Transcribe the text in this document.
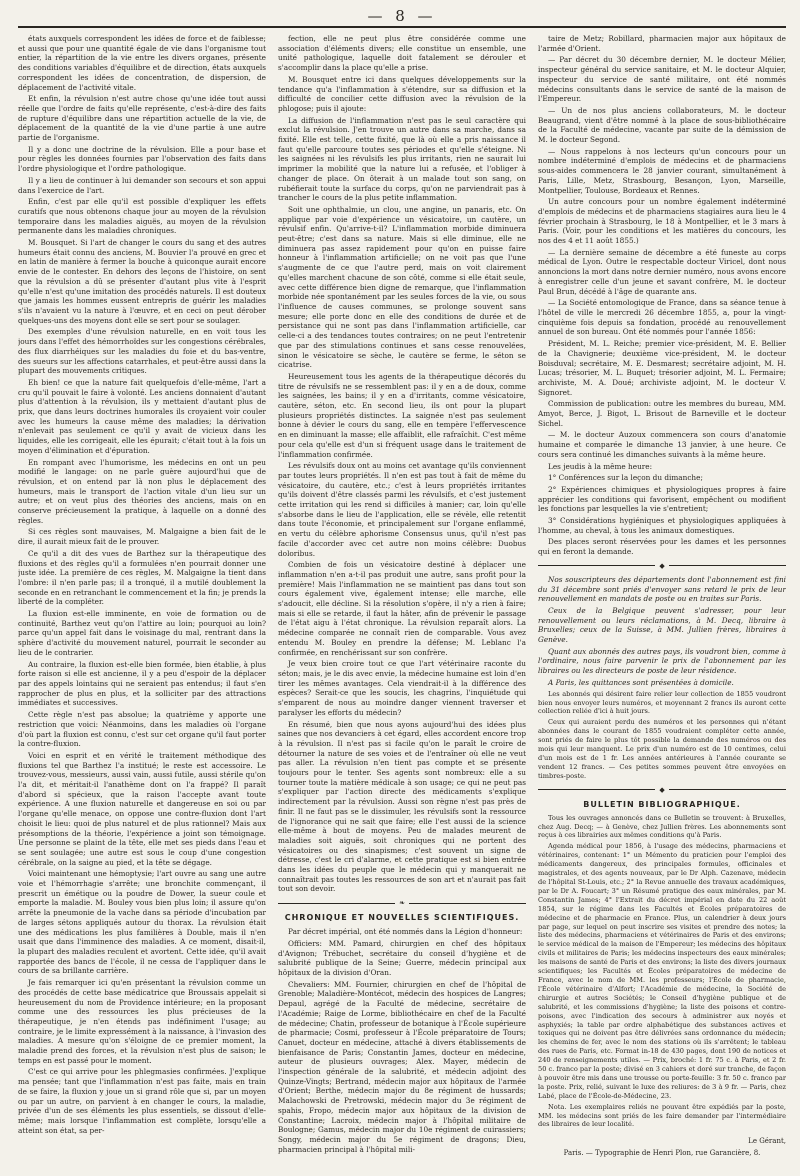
— 8 —

états auxquels correspondent les idées de force et de faiblesse; et aussi que pour une quantité égale de vie dans l'organisme tout entier, la répartition de la vie entre les divers organes, présente des conditions variables d'équilibre et de direction, états auxquels correspondent les idées de concentration, de dispersion, de déplacement de l'activité vitale.

Et enfin, la révulsion n'est autre chose qu'une idée tout aussi réelle que l'ordre de faits qu'elle représente, c'est-à-dire des faits de rupture d'équilibre dans une répartition actuelle de la vie, de déplacement de la quantité de la vie d'une partie à une autre partie de l'organisme.

Il y a donc une doctrine de la révulsion. Elle a pour base et pour règles les données fournies par l'observation des faits dans l'ordre physiologique et l'ordre pathologique.

Il y a lieu de continuer à lui demander son secours et son appui dans l'exercice de l'art.

Enfin, c'est par elle qu'il est possible d'expliquer les effets curatifs que nous obtenons chaque jour au moyen de la révulsion temporaire dans les maladies aiguës, au moyen de la révulsion permanente dans les maladies chroniques.

M. Bousquet. Si l'art de changer le cours du sang et des autres humeurs était connu des anciens, M. Bouvier l'a prouvé en grec et en latin de manière à fermer la bouche à quiconque aurait encore envie de le contester. En dehors des leçons de l'histoire, on sent que la révulsion a dû se présenter d'autant plus vite à l'esprit qu'elle n'est qu'une imitation des procédés naturels. Il est douteux que jamais les hommes eussent entrepris de guérir les maladies s'ils n'avaient vu la nature à l'œuvre, et en ceci on peut dérober quelques-uns des moyens dont elle se sert pour se soulager.

Des exemples d'une révulsion naturelle, en en voit tous les jours dans l'effet des hémorrhoïdes sur les congestions cérébrales, des flux diarrhéiques sur les maladies du foie et du bas-ventre, des sueurs sur les affections catarrhales, et peut-être aussi dans la plupart des mouvements critiques.

Eh bien! ce que la nature fait quelquefois d'elle-même, l'art a cru qu'il pouvait le faire à volonté. Les anciens donnaient d'autant plus d'attention à la révulsion, ils y mettaient d'autant plus de prix, que dans leurs doctrines humorales ils croyaient voir couler avec les humeurs la cause même des maladies; la dérivation n'enlevait pas seulement ce qu'il y avait de vicieux dans les liquides, elle les corrigeait, elle les épurait; c'était tout à la fois un moyen d'élimination et d'épuration.

En rompant avec l'humorisme, les médecins en ont un peu modifié le langage: on ne parle guère aujourd'hui que de révulsion, et on entend par là non plus le déplacement des humeurs, mais le transport de l'action vitale d'un lieu sur un autre; et on veut plus des théories des anciens, mais on en conserve précieusement la pratique, à laquelle on a donné des règles.

Si ces règles sont mauvaises, M. Malgaigne a bien fait de le dire, il aurait mieux fait de le prouver.

Ce qu'il a dit des vues de Barthez sur la thérapeutique des fluxions et des règles qu'il a formulées n'en pourrait donner une juste idée. La première de ces règles, M. Malgaigne la tient dans l'ombre: il n'en parle pas; il a tronqué, il a mutilé doublement la seconde en en retranchant le commencement et la fin; je prends la liberté de la compléter.

La fluxion est-elle imminente, en voie de formation ou de continuité, Barthez veut qu'on l'attire au loin; pourquoi au loin? parce qu'un appel fait dans le voisinage du mal, rentrant dans la sphère d'activité du mouvement naturel, pourrait le seconder au lieu de le contrarier.

Au contraire, la fluxion est-elle bien formée, bien établie, à plus forte raison si elle est ancienne, il y a peu d'espoir de la déplacer par des appels lointains qui ne seraient pas entendus; il faut s'en rapprocher de plus en plus, et la solliciter par des attractions immédiates et successives.

Cette règle n'est pas absolue; la quatrième y apporte une restriction que voici: Néanmoins, dans les maladies où l'organe d'où part la fluxion est connu, c'est sur cet organe qu'il faut porter la contre-fluxion.

Voici en esprit et en vérité le traitement méthodique des fluxions tel que Barthez l'a institué; le reste est accessoire. Le trouvez-vous, messieurs, aussi vain, aussi futile, aussi stérile qu'on l'a dit, et méritait-il l'anathème dont on l'a frappé? Il paraît d'abord si spécieux, que la raison l'accepte avant toute expérience. A une fluxion naturelle et dangereuse en soi ou par l'organe qu'elle menace, on oppose une contre-fluxion dont l'art choisit le lieu: quoi de plus naturel et de plus rationnel? Mais aux présomptions de la théorie, l'expérience a joint son témoignage. Une personne se plaint de la tête, elle met ses pieds dans l'eau et se sent soulagée; une autre est sous le coup d'une congestion cérébrale, on la saigne au pied, et la tête se dégage.

Voici maintenant une hémoptysie; l'art ouvre au sang une autre voie et l'hémorrhagie s'arrête; une bronchite commençant, il prescrit un émétique ou la poudre de Dower, la sueur coule et emporte la maladie. M. Bouley vous bien plus loin; il assure qu'on arrête la pneumonie de la vache dans sa période d'incubation par de larges sétons appliqués autour du thorax. La révulsion était une des médications les plus familières à Double, mais il n'en usait que dans l'imminence des maladies. A ce moment, disait-il, la plupart des maladies reculent et avortent. Cette idée, qu'il avait rapportée des bancs de l'école, il ne cessa de l'appliquer dans le cours de sa brillante carrière.

Je fais remarquer ici qu'en présentant la révulsion comme un des procédés de cette base médicatrice que Broussais appelait si heureusement du nom de Providence intérieure; en la proposant comme une des ressources les plus précieuses de la thérapeutique, je n'en étends pas indéfiniment l'usage; au contraire, je le limite expressément à la naissance, à l'invasion des maladies. A mesure qu'on s'éloigne de ce premier moment, la maladie prend des forces, et la révulsion n'est plus de saison; le temps en est passé pour le moment.

C'est ce qui arrive pour les phlegmasies confirmées. J'explique ma pensée; tant que l'inflammation n'est pas faite, mais en train de se faire, la fluxion y joue un si grand rôle que si, par un moyen ou par un autre, on parvient à en changer le cours, la maladie, privée d'un de ses éléments les plus essentiels, se dissout d'elle-même; mais lorsque l'inflammation est complète, lorsqu'elle a atteint son état, sa per-

fection, elle ne peut plus être considérée comme une association d'éléments divers; elle constitue un ensemble, une unité pathologique, laquelle doit fatalement se dérouler et s'accomplir dans la place qu'elle a prise.

M. Bousquet entre ici dans quelques développements sur la tendance qu'a l'inflammation à s'étendre, sur sa diffusion et la difficulté de concilier cette diffusion avec la révulsion de la phlogose; puis il ajoute:

La diffusion de l'inflammation n'est pas le seul caractère qui exclut la révulsion. J'en trouve un autre dans sa marche, dans sa fixité. Elle est telle, cette fixité, que là où elle a pris naissance il faut qu'elle parcoure toutes ses périodes et qu'elle s'éteigne. Ni les saignées ni les révulsifs les plus irritants, rien ne saurait lui imprimer la mobilité que la nature lui a refusée, et l'obliger à changer de place. On ôterait à un malade tout son sang, on rubéfierait toute la surface du corps, qu'on ne parviendrait pas à trancher le cours de la plus petite inflammation.

Soit une ophthalmie, un clou, une angine, un panaris, etc. On applique par voie d'expérience un vésicatoire, un cautère, un révulsif enfin. Qu'arrive-t-il? L'inflammation morbide diminuera peut-être; c'est dans sa nature. Mais si elle diminue, elle ne diminuera pas assez rapidement pour qu'on en puisse faire honneur à l'inflammation artificielle; on ne voit pas que l'une s'augmente de ce que l'autre perd, mais on voit clairement qu'elles marchent chacune de son côté, comme si elle était seule, avec cette différence bien digne de remarque, que l'inflammation morbide née spontanément par les seules forces de la vie, ou sous l'influence de causes communes, se prolonge souvent sans mesure; elle porte donc en elle des conditions de durée et de persistance qui ne sont pas dans l'inflammation artificielle, car celle-ci a des tendances toutes contraires; on ne peut l'entretenir que par des stimulations continues et sans cesse renouvelées, sinon le vésicatoire se sèche, le cautère se ferme, le séton se cicatrise.

Heureusement tous les agents de la thérapeutique décorés du titre de révulsifs ne se ressemblent pas: il y en a de doux, comme les saignées, les bains; il y en a d'irritants, comme vésicatoire, cautère, séton, etc. En second lieu, ils ont pour la plupart plusieurs propriétés distinctes. La saignée n'est pas seulement bonne à dévier le cours du sang, elle en tempère l'effervescence en en diminuant la masse; elle affaiblit, elle rafraîchit. C'est même pour cela qu'elle est d'un si fréquent usage dans le traitement de l'inflammation confirmée.

Les révulsifs doux ont au moins cet avantage qu'ils conviennent par toutes leurs propriétés. Il n'en est pas tout à fait de même du vésicatoire, du cautère, etc.; c'est à leurs propriétés irritantes qu'ils doivent d'être classés parmi les révulsifs, et c'est justement cette irritation qui les rend si difficiles à manier; car, loin qu'elle s'absorbe dans le lieu de l'application, elle se révèle, elle retentit dans toute l'économie, et principalement sur l'organe enflammé, en vertu du célèbre aphorisme Consensus unus, qu'il n'est pas facile d'accorder avec cet autre non moins célèbre: Duobus doloribus.

Combien de fois un vésicatoire destiné à déplacer une inflammation n'en a-t-il pas produit une autre, sans profit pour la première! Mais l'inflammation ne se maintient pas dans tout son cours également vive, également intense; elle marche, elle s'adoucit, elle décline. Si la résolution s'opère, il n'y a rien à faire; mais si elle se retarde, il faut la hâter, afin de prévenir le passage de l'état aigu à l'état chronique. La révulsion reparaît alors. La médecine comparée ne connaît rien de comparable. Vous avez entendu M. Bouley en prendre la défense; M. Leblanc l'a confirmée, en renchérissant sur son confrère.

Je veux bien croire tout ce que l'art vétérinaire raconte du séton; mais, je le dis avec envie, la médecine humaine est loin d'en tirer les mêmes avantages. Cela viendrait-il à la différence des espèces? Serait-ce que les soucis, les chagrins, l'inquiétude qui s'emparent de nous au moindre danger viennent traverser et paralyser les efforts du médecin?

En résumé, bien que nous ayons aujourd'hui des idées plus saines que nos devanciers à cet égard, elles accordent encore trop à la révulsion. Il n'est pas si facile qu'on le paraît le croire de détourner la nature de ses voies et de l'entraîner où elle ne veut pas aller. La révulsion n'en tient pas compte et se présente toujours pour le tenter. Ses agents sont nombreux: elle a su tourner toute la matière médicale à son usage; ce qui ne peut pas s'expliquer par l'action directe des médicaments s'explique indirectement par la révulsion. Aussi son règne n'est pas près de finir. Il ne faut pas se le dissimuler, les révulsifs sont la ressource de l'ignorance qui ne sait que faire; elle l'est aussi de la science elle-même à bout de moyens. Peu de malades meurent de maladies soit aiguës, soit chroniques qui ne portent des vésicatoires ou des sinapismes; c'est souvent un signe de détresse, c'est le cri d'alarme, et cette pratique est si bien entrée dans les idées du peuple que le médecin qui y manquerait ne connaîtrait pas toutes les ressources de son art et n'aurait pas fait tout son devoir.

❧
CHRONIQUE ET NOUVELLES SCIENTIFIQUES.

Par décret impérial, ont été nommés dans la Légion d'honneur:

Officiers: MM. Pamard, chirurgien en chef des hôpitaux d'Avignon; Trébuchet, secrétaire du conseil d'hygiène et de salubrité publique de la Seine; Guerre, médecin principal aux hôpitaux de la division d'Oran.

Chevaliers: MM. Fournier, chirurgien en chef de l'hôpital de Grenoble; Maladière-Montécot, médecin des hospices de Langres; Depaul, agrégé de la Faculté de médecine, secrétaire de l'Académie; Raige de Lorme, bibliothécaire en chef de la Faculté de médecine; Chatin, professeur de botanique à l'École supérieure de pharmacie; Cosmi, professeur à l'École préparatoire de Tours; Canuet, docteur en médecine, attaché à divers établissements de bienfaisance de Paris; Constantin James, docteur en médecine, auteur de plusieurs ouvrages; Alex. Mayer, médecin de l'inspection générale de la salubrité, et médecin adjoint des Quinze-Vingts; Bertrand, médecin major aux hôpitaux de l'armée d'Orient; Berthe, médecin major du 8e régiment de hussards; Malachowski de Pretrowski, médecin major du 3e régiment de spahis, Fropo, médecin major aux hôpitaux de la division de Constantine; Lacroix, médecin major à l'hôpital militaire de Boulogne; Gamus, médecin major du 10e régiment de cuirassiers; Songy, médecin major du 5e régiment de dragons; Dieu, pharmacien principal à l'hôpital mili-

taire de Metz; Robillard, pharmacien major aux hôpitaux de l'armée d'Orient.

— Par décret du 30 décembre dernier, M. le docteur Mélier, inspecteur général du service sanitaire, et M. le docteur Alquier, inspecteur du service de santé militaire, ont été nommés médecins consultants dans le service de santé de la maison de l'Empereur.

— Un de nos plus anciens collaborateurs, M. le docteur Beaugrand, vient d'être nommé à la place de sous-bibliothécaire de la Faculté de médecine, vacante par suite de la démission de M. le docteur Segond.

— Nous rappelons à nos lecteurs qu'un concours pour un nombre indéterminé d'emplois de médecins et de pharmaciens sous-aides commencera le 28 janvier courant, simultanément à Paris, Lille, Metz, Strasbourg, Besançon, Lyon, Marseille, Montpellier, Toulouse, Bordeaux et Rennes.

Un autre concours pour un nombre également indéterminé d'emplois de médecins et de pharmaciens stagiaires aura lieu le 4 février prochain à Strasbourg, le 18 à Montpellier, et le 3 mars à Paris. (Voir, pour les conditions et les matières du concours, les nos des 4 et 11 août 1855.)

— La dernière semaine de décembre a été funeste au corps médical de Lyon. Outre le respectable docteur Viricel, dont nous annoncions la mort dans notre dernier numéro, nous avons encore à enregistrer celle d'un jeune et savant confrère, M. le docteur Paul Brun, décédé à l'âge de quarante ans.

— La Société entomologique de France, dans sa séance tenue à l'hôtel de ville le mercredi 26 décembre 1855, a, pour la vingt-cinquième fois depuis sa fondation, procédé au renouvellement annuel de son bureau. Ont été nommés pour l'année 1856:

Président, M. L. Reiche; premier vice-président, M. E. Bellier de la Chavignerie; deuxième vice-président, M. le docteur Boisduval; secrétaire, M. E. Desmarest; secrétaire adjoint, M. H. Lucas; trésorier, M. L. Buquet; trésorier adjoint, M. L. Fermaire; archiviste, M. A. Doué; archiviste adjoint, M. le docteur V. Signoret.

Commission de publication: outre les membres du bureau, MM. Amyot, Berce, J. Bigot, L. Brisout de Barneville et le docteur Sichel.

— M. le docteur Auzoux commencera son cours d'anatomie humaine et comparée le dimanche 13 janvier, à une heure. Ce cours sera continué les dimanches suivants à la même heure.

Les jeudis à la même heure:

1° Conférences sur la leçon du dimanche;

2° Expériences chimiques et physiologiques propres à faire apprécier les conditions qui favorisent, empêchent ou modifient les fonctions par lesquelles la vie s'entretient;

3° Considérations hygiéniques et physiologiques appliquées à l'homme, au cheval, à tous les animaux domestiques.

Des places seront réservées pour les dames et les personnes qui en feront la demande.

◆

Nos souscripteurs des départements dont l'abonnement est fini du 31 décembre sont priés d'envoyer sans retard le prix de leur renouvellement en mandats de poste ou en traites sur Paris.

Ceux de la Belgique peuvent s'adresser, pour leur renouvellement ou leurs réclamations, à M. Decq, libraire à Bruxelles; ceux de la Suisse, à MM. Jullien frères, libraires à Genève.

Quant aux abonnés des autres pays, ils voudront bien, comme à l'ordinaire, nous faire parvenir le prix de l'abonnement par les libraires ou les directeurs de poste de leur résidence.

A Paris, les quittances sont présentées à domicile.

Les abonnés qui désirent faire relier leur collection de 1855 voudront bien nous envoyer leurs numéros, et moyennant 2 francs ils auront cette collection reliée d'ici à huit jours.

Ceux qui auraient perdu des numéros et les personnes qui n'étant abonnées dans le courant de 1855 voudraient compléter cette année, sont priés de faire le plus tôt possible la demande des numéros ou des mois qui leur manquent. Le prix d'un numéro est de 10 centimes, celui d'un mois est de 1 fr. Les années antérieures à l'année courante se vendent 12 francs. — Ces petites sommes peuvent être envoyées en timbres-poste.

◆
BULLETIN BIBLIOGRAPHIQUE.

Tous les ouvrages annoncés dans ce Bulletin se trouvent: à Bruxelles, chez Aug. Decq; — à Genève, chez Jullien frères. Les abonnements sont reçus à ces librairies aux mêmes conditions qu'à Paris.

Agenda médical pour 1856, à l'usage des médecins, pharmaciens et vétérinaires, contenant: 1° un Mémento du praticien pour l'emploi des médicaments dangereux, des principales formules, officinales et magistrales, et des agents nouveaux, par le Dr Alph. Cazenave, médecin de l'hôpital St-Louis, etc.; 2° la Revue annuelle des travaux académiques, par le Dr A. Foucart; 3° un Résumé pratique des eaux minérales, par M. Constantin James; 4° l'Extrait du décret impérial en date du 22 août 1854, sur le régime dans les Facultés et Écoles préparatoires de médecine et de pharmacie en France. Plus, un calendrier à deux jours par page, sur lequel on peut inscrire ses visites et prendre des notes; la liste des médecins, pharmaciens et vétérinaires de Paris et des environs; le service médical de la maison de l'Empereur; les médecins des hôpitaux civils et militaires de Paris; les médecins inspecteurs des eaux minérales; les maisons de santé de Paris et des environs; la liste des divers journaux scientifiques; les Facultés et Écoles préparatoires de médecine de France, avec le nom de MM. les professeurs; l'École de pharmacie, l'École vétérinaire d'Alfort; l'Académie de médecine, la Société de chirurgie et autres Sociétés; le Conseil d'hygiène publique et de salubrité, et les commissions d'hygiène; la liste des poisons et contre-poisons, avec l'indication des secours à administrer aux noyés et asphyxiés; la table par ordre alphabétique des substances actives et toxiques qui ne doivent pas être délivrées sans ordonnance du médecin; les chemins de fer, avec le nom des stations où ils s'arrêtent; le tableau des rues de Paris, etc. Format in-18 de 430 pages, dont 190 de notices et 240 de renseignements utiles. — Prix, broché: 1 fr. 75 c. à Paris, et 2 fr. 50 c. franco par la poste; divisé en 3 cahiers et doré sur tranche, de façon à pouvoir être mis dans une trousse ou porte-feuille: 3 fr. 50 c. franco par la poste. Prix, relié, suivant le luxe des reliures: de 3 à 9 fr. — Paris, chez Labé, place de l'École-de-Médecine, 23.

Nota. Les exemplaires reliés ne pouvant être expédiés par la poste, MM. les médecins sont priés de les faire demander par l'intermédiaire des libraires de leur localité.

Le Gérant,
Paris. — Typographie de Henri Plon, rue Garancière, 8.
